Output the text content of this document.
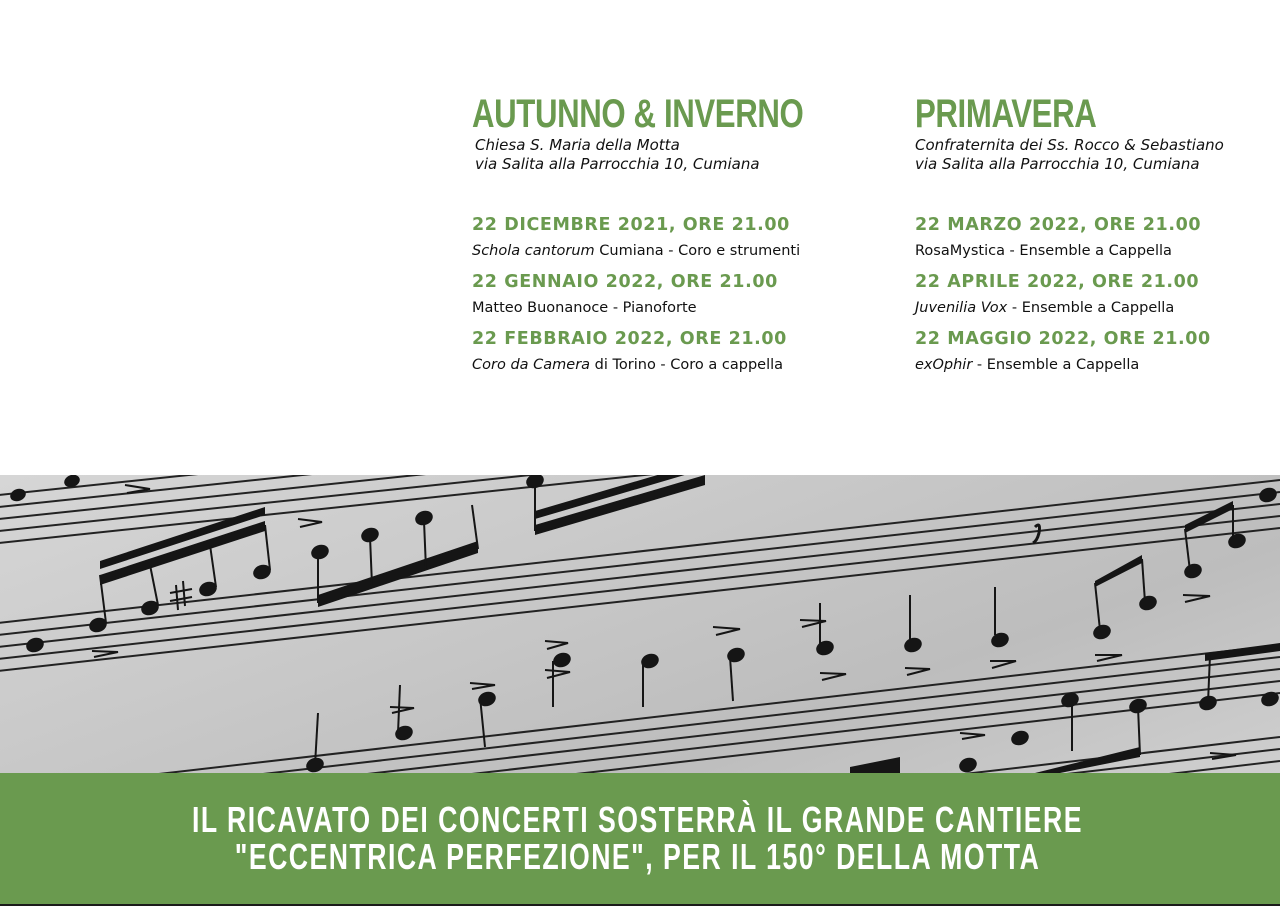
AUTUNNO & INVERNO
Chiesa S. Maria della Motta
via Salita alla Parrocchia 10, Cumiana
22 DICEMBRE 2021, ORE 21.00
Schola cantorum Cumiana - Coro e strumenti
22 GENNAIO 2022, ORE 21.00
Matteo Buonanoce - Pianoforte
22 FEBBRAIO 2022, ORE 21.00
Coro da Camera di Torino - Coro a cappella
PRIMAVERA
Confraternita dei Ss. Rocco & Sebastiano
via Salita alla Parrocchia 10, Cumiana
22 MARZO 2022, ORE 21.00
RosaMystica - Ensemble a Cappella
22 APRILE 2022, ORE 21.00
Juvenilia Vox - Ensemble a Cappella
22 MAGGIO 2022, ORE 21.00
exOphir - Ensemble a Cappella
IL RICAVATO DEI CONCERTI SOSTERRÀ IL GRANDE CANTIERE
"ECCENTRICA PERFEZIONE", PER IL 150° DELLA MOTTA
